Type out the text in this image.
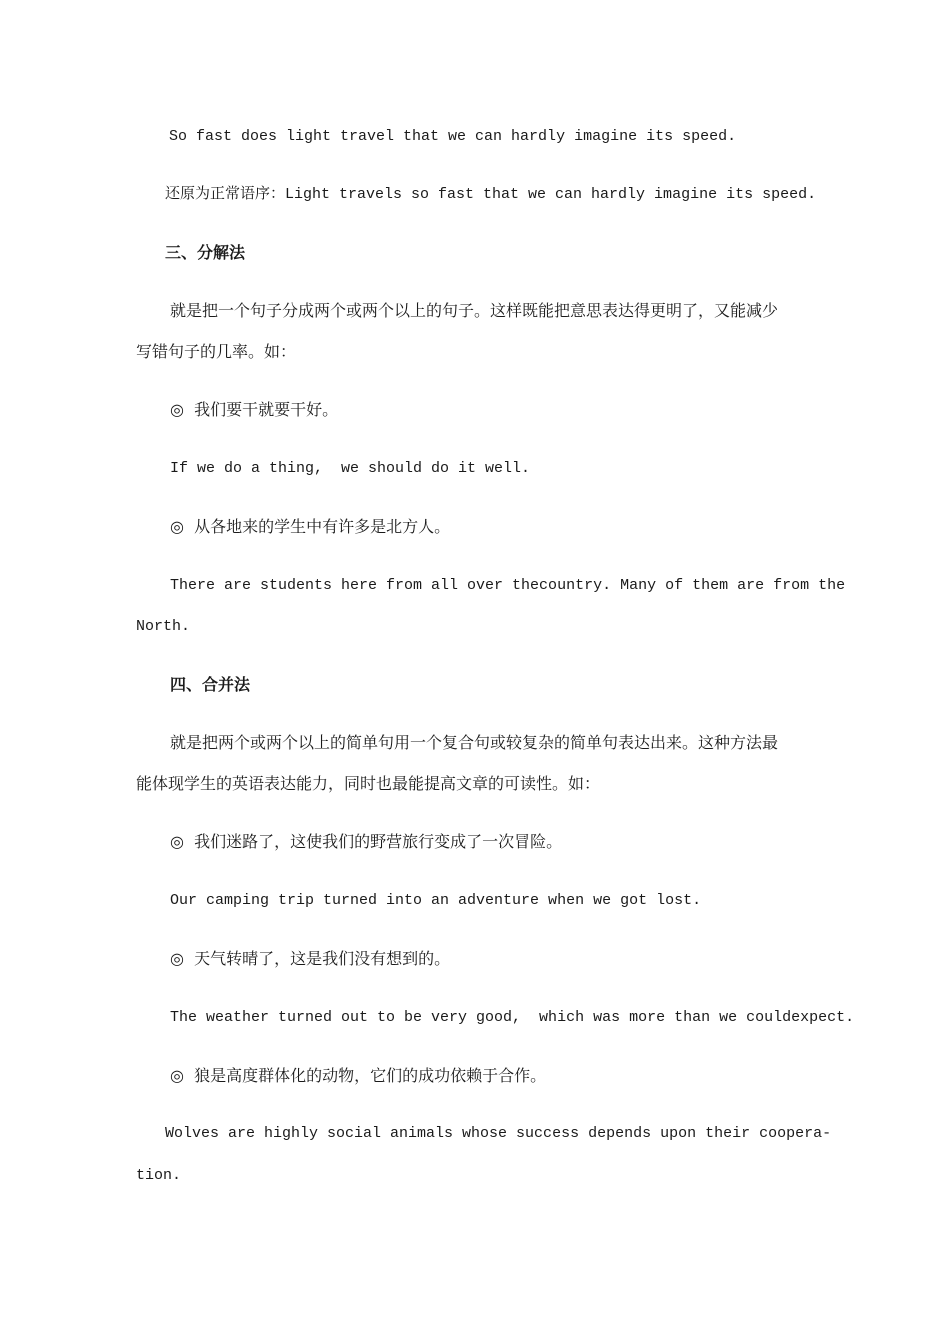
So fast does light travel that we can hardly imagine its speed.
还原为正常语序：Light travels so fast that we can hardly imagine its speed.
三、分解法
就是把一个句子分成两个或两个以上的句子。这样既能把意思表达得更明了，又能减少
写错句子的几率。如：
◎  我们要干就要干好。
If we do a thing,  we should do it well.
◎  从各地来的学生中有许多是北方人。
There are students here from all over thecountry. Many of them are from the
North.
四、合并法
就是把两个或两个以上的简单句用一个复合句或较复杂的简单句表达出来。这种方法最
能体现学生的英语表达能力，同时也最能提高文章的可读性。如：
◎  我们迷路了，这使我们的野营旅行变成了一次冒险。
Our camping trip turned into an adventure when we got lost.
◎  天气转晴了，这是我们没有想到的。
The weather turned out to be very good,  which was more than we couldexpect.
◎  狼是高度群体化的动物，它们的成功依赖于合作。
Wolves are highly social animals whose success depends upon their coopera-
tion.
